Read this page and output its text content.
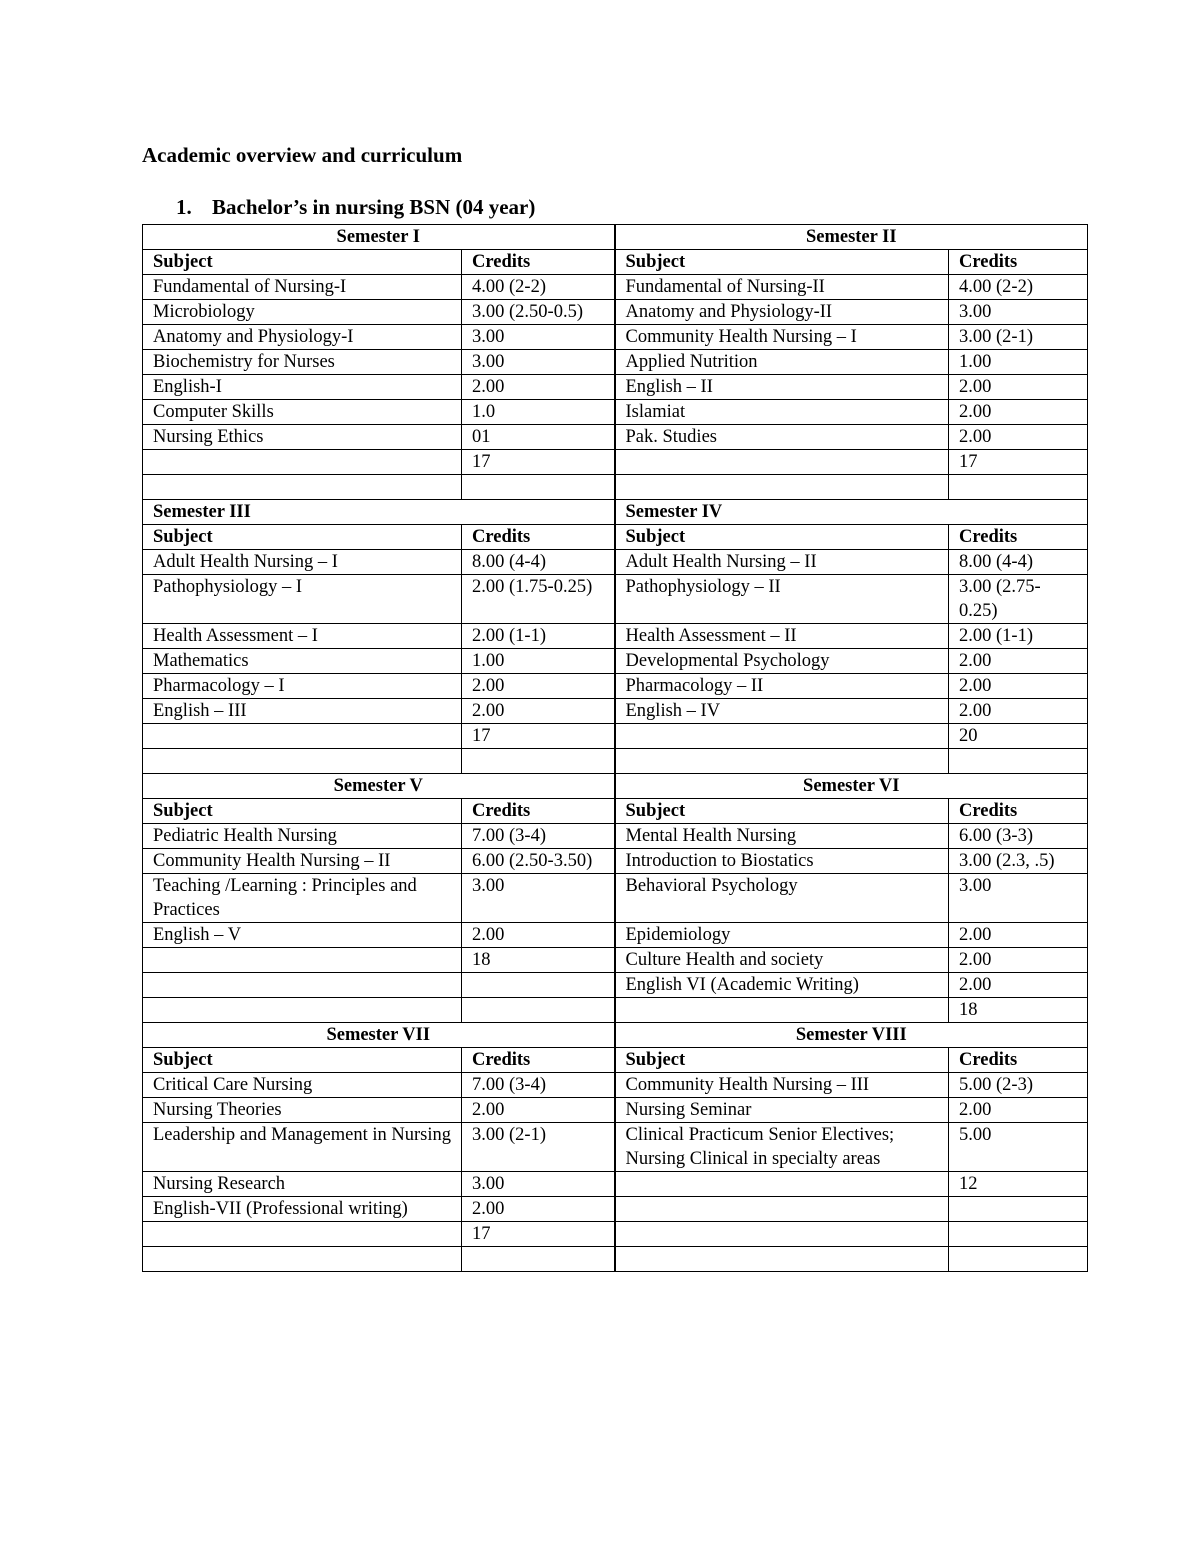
Academic overview and curriculum
1. Bachelor’s in nursing BSN (04 year)
Semester I		Semester II	
Subject	Credits	Subject	Credits
Fundamental of Nursing-I	4.00 (2-2)	Fundamental of Nursing-II	4.00 (2-2)
Microbiology	3.00 (2.50-0.5)	Anatomy and Physiology-II	3.00
Anatomy and Physiology-I	3.00	Community Health Nursing – I	3.00 (2-1)
Biochemistry for Nurses	3.00	Applied Nutrition	1.00
English-I	2.00	English – II	2.00
Computer Skills	1.0	Islamiat	2.00
Nursing Ethics	01	Pak. Studies	2.00
	17		17

Semester III		Semester IV	
Subject	Credits	Subject	Credits
Adult Health Nursing – I	8.00 (4-4)	Adult Health Nursing – II	8.00 (4-4)
Pathophysiology – I	2.00 (1.75-0.25)	Pathophysiology – II	3.00 (2.75-0.25)
Health Assessment – I	2.00 (1-1)	Health Assessment – II	2.00 (1-1)
Mathematics	1.00	Developmental Psychology	2.00
Pharmacology – I	2.00	Pharmacology – II	2.00
English – III	2.00	English – IV	2.00
	17		20

Semester V		Semester VI	
Subject	Credits	Subject	Credits
Pediatric Health Nursing	7.00 (3-4)	Mental Health Nursing	6.00 (3-3)
Community Health Nursing – II	6.00 (2.50-3.50)	Introduction to Biostatics	3.00 (2.3, .5)
Teaching /Learning : Principles and Practices	3.00	Behavioral Psychology	3.00
English – V	2.00	Epidemiology	2.00
	18	Culture Health and society	2.00
		English VI (Academic Writing)	2.00
			18
Semester VII		Semester VIII	
Subject	Credits	Subject	Credits
Critical Care Nursing	7.00 (3-4)	Community Health Nursing – III	5.00 (2-3)
Nursing Theories	2.00	Nursing Seminar	2.00
Leadership and Management in Nursing	3.00 (2-1)	Clinical Practicum Senior Electives; Nursing Clinical in specialty areas	5.00
Nursing Research	3.00		12
English-VII (Professional writing)	2.00		
	17		
